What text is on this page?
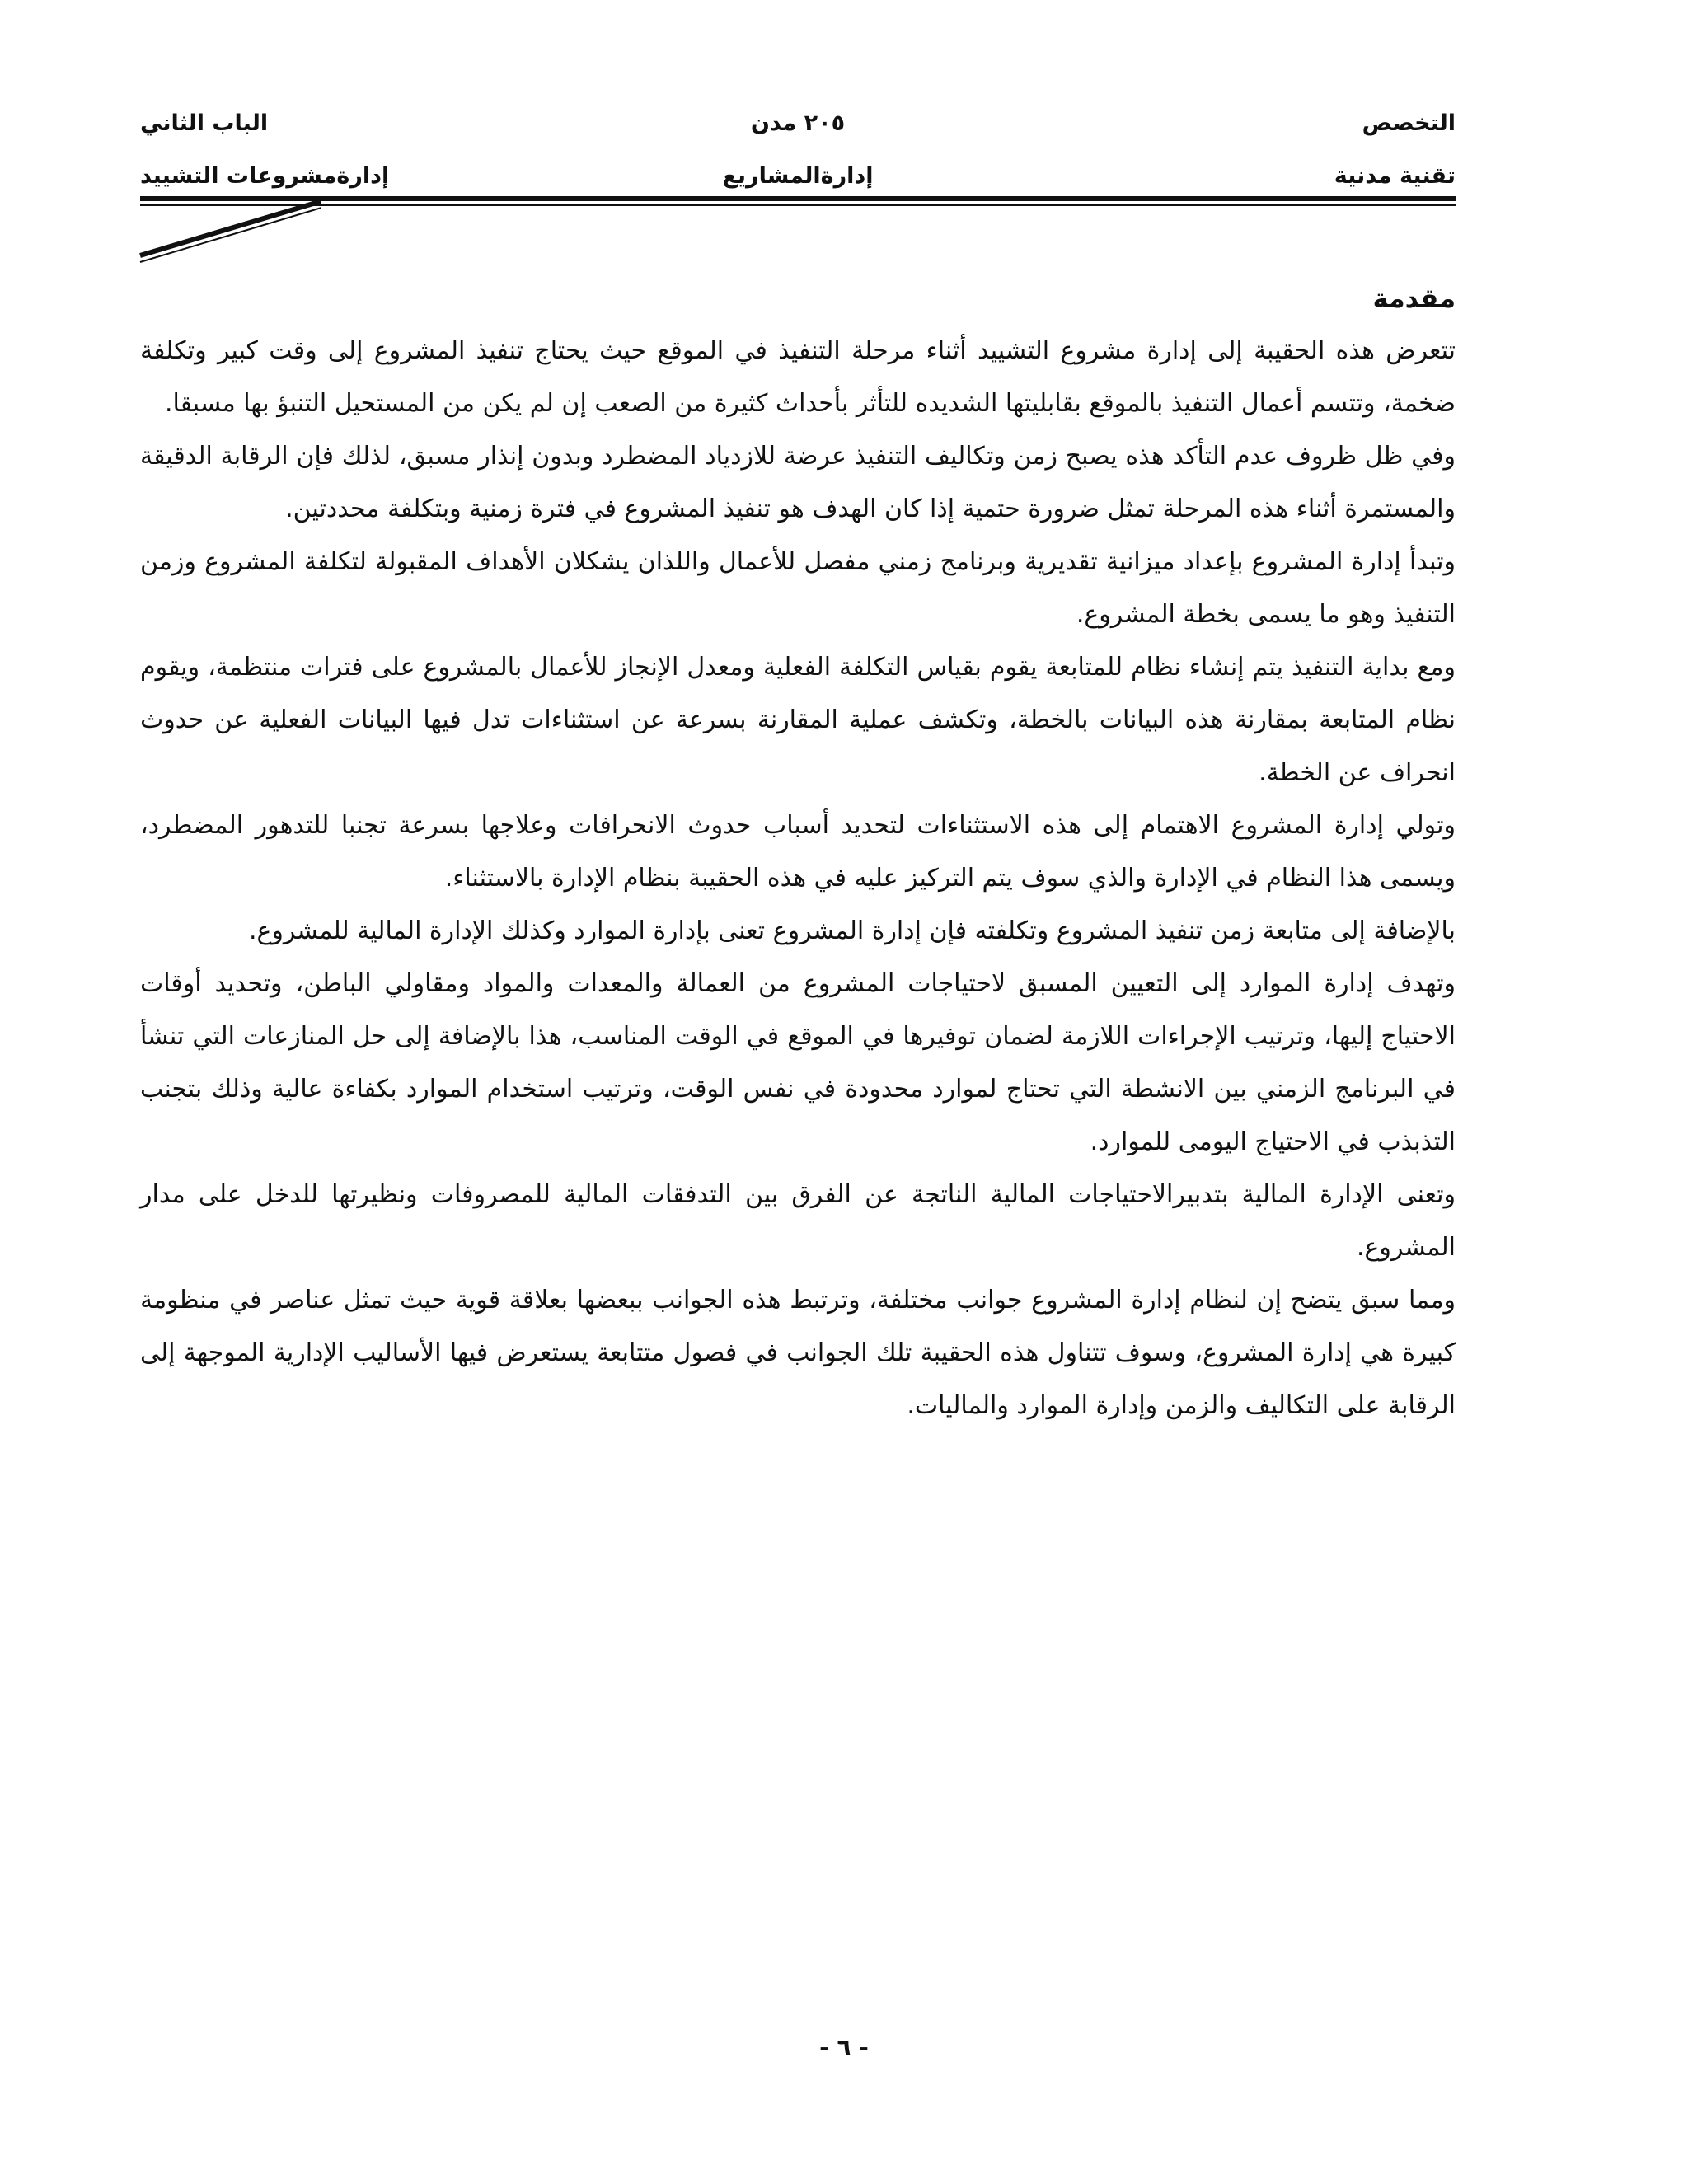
التخصص
تقنية مدنية
٢٠٥ مدن
إدارةالمشاريع
الباب الثاني
إدارةمشروعات التشييد
مقدمة

تتعرض هذه الحقيبة إلى إدارة مشروع التشييد أثناء مرحلة التنفيذ في الموقع حيث يحتاج تنفيذ المشروع إلى وقت كبير وتكلفة ضخمة، وتتسم أعمال التنفيذ بالموقع بقابليتها الشديده للتأثر بأحداث كثيرة من الصعب إن لم يكن من المستحيل التنبؤ بها مسبقا.

وفي ظل ظروف عدم التأكد هذه يصبح زمن وتكاليف التنفيذ عرضة للازدياد المضطرد وبدون إنذار مسبق، لذلك فإن الرقابة الدقيقة والمستمرة أثناء هذه المرحلة تمثل ضرورة حتمية إذا كان الهدف هو تنفيذ المشروع في فترة زمنية وبتكلفة محددتين.

وتبدأ إدارة المشروع بإعداد ميزانية تقديرية وبرنامج زمني مفصل للأعمال واللذان يشكلان الأهداف المقبولة لتكلفة المشروع وزمن التنفيذ وهو ما يسمى بخطة المشروع.

ومع بداية التنفيذ يتم إنشاء نظام للمتابعة يقوم بقياس التكلفة الفعلية ومعدل الإنجاز للأعمال بالمشروع على فترات منتظمة، ويقوم نظام المتابعة بمقارنة هذه البيانات بالخطة، وتكشف عملية المقارنة بسرعة عن استثناءات تدل فيها البيانات الفعلية عن حدوث انحراف عن الخطة.

وتولي إدارة المشروع الاهتمام إلى هذه الاستثناءات لتحديد أسباب حدوث الانحرافات وعلاجها بسرعة تجنبا للتدهور المضطرد، ويسمى هذا النظام في الإدارة والذي سوف يتم التركيز عليه في هذه الحقيبة بنظام الإدارة بالاستثناء.

بالإضافة إلى متابعة زمن تنفيذ المشروع وتكلفته فإن إدارة المشروع تعنى بإدارة الموارد وكذلك الإدارة المالية للمشروع.

وتهدف إدارة الموارد إلى التعيين المسبق لاحتياجات المشروع من العمالة والمعدات والمواد ومقاولي الباطن، وتحديد أوقات الاحتياج إليها، وترتيب الإجراءات اللازمة لضمان توفيرها في الموقع في الوقت المناسب، هذا بالإضافة إلى حل المنازعات التي تنشأ في البرنامج الزمني بين الانشطة التي تحتاج لموارد محدودة في نفس الوقت، وترتيب استخدام الموارد بكفاءة عالية وذلك بتجنب التذبذب في الاحتياج اليومى للموارد.

وتعنى الإدارة المالية بتدبيرالاحتياجات المالية الناتجة عن الفرق بين التدفقات المالية للمصروفات ونظيرتها للدخل على مدار المشروع.

ومما سبق يتضح إن لنظام إدارة المشروع جوانب مختلفة، وترتبط هذه الجوانب ببعضها بعلاقة قوية حيث تمثل عناصر في منظومة كبيرة هي إدارة المشروع، وسوف تتناول هذه الحقيبة تلك الجوانب في فصول متتابعة يستعرض فيها الأساليب الإدارية الموجهة إلى الرقابة على التكاليف والزمن وإدارة الموارد والماليات.

- ٦ -
